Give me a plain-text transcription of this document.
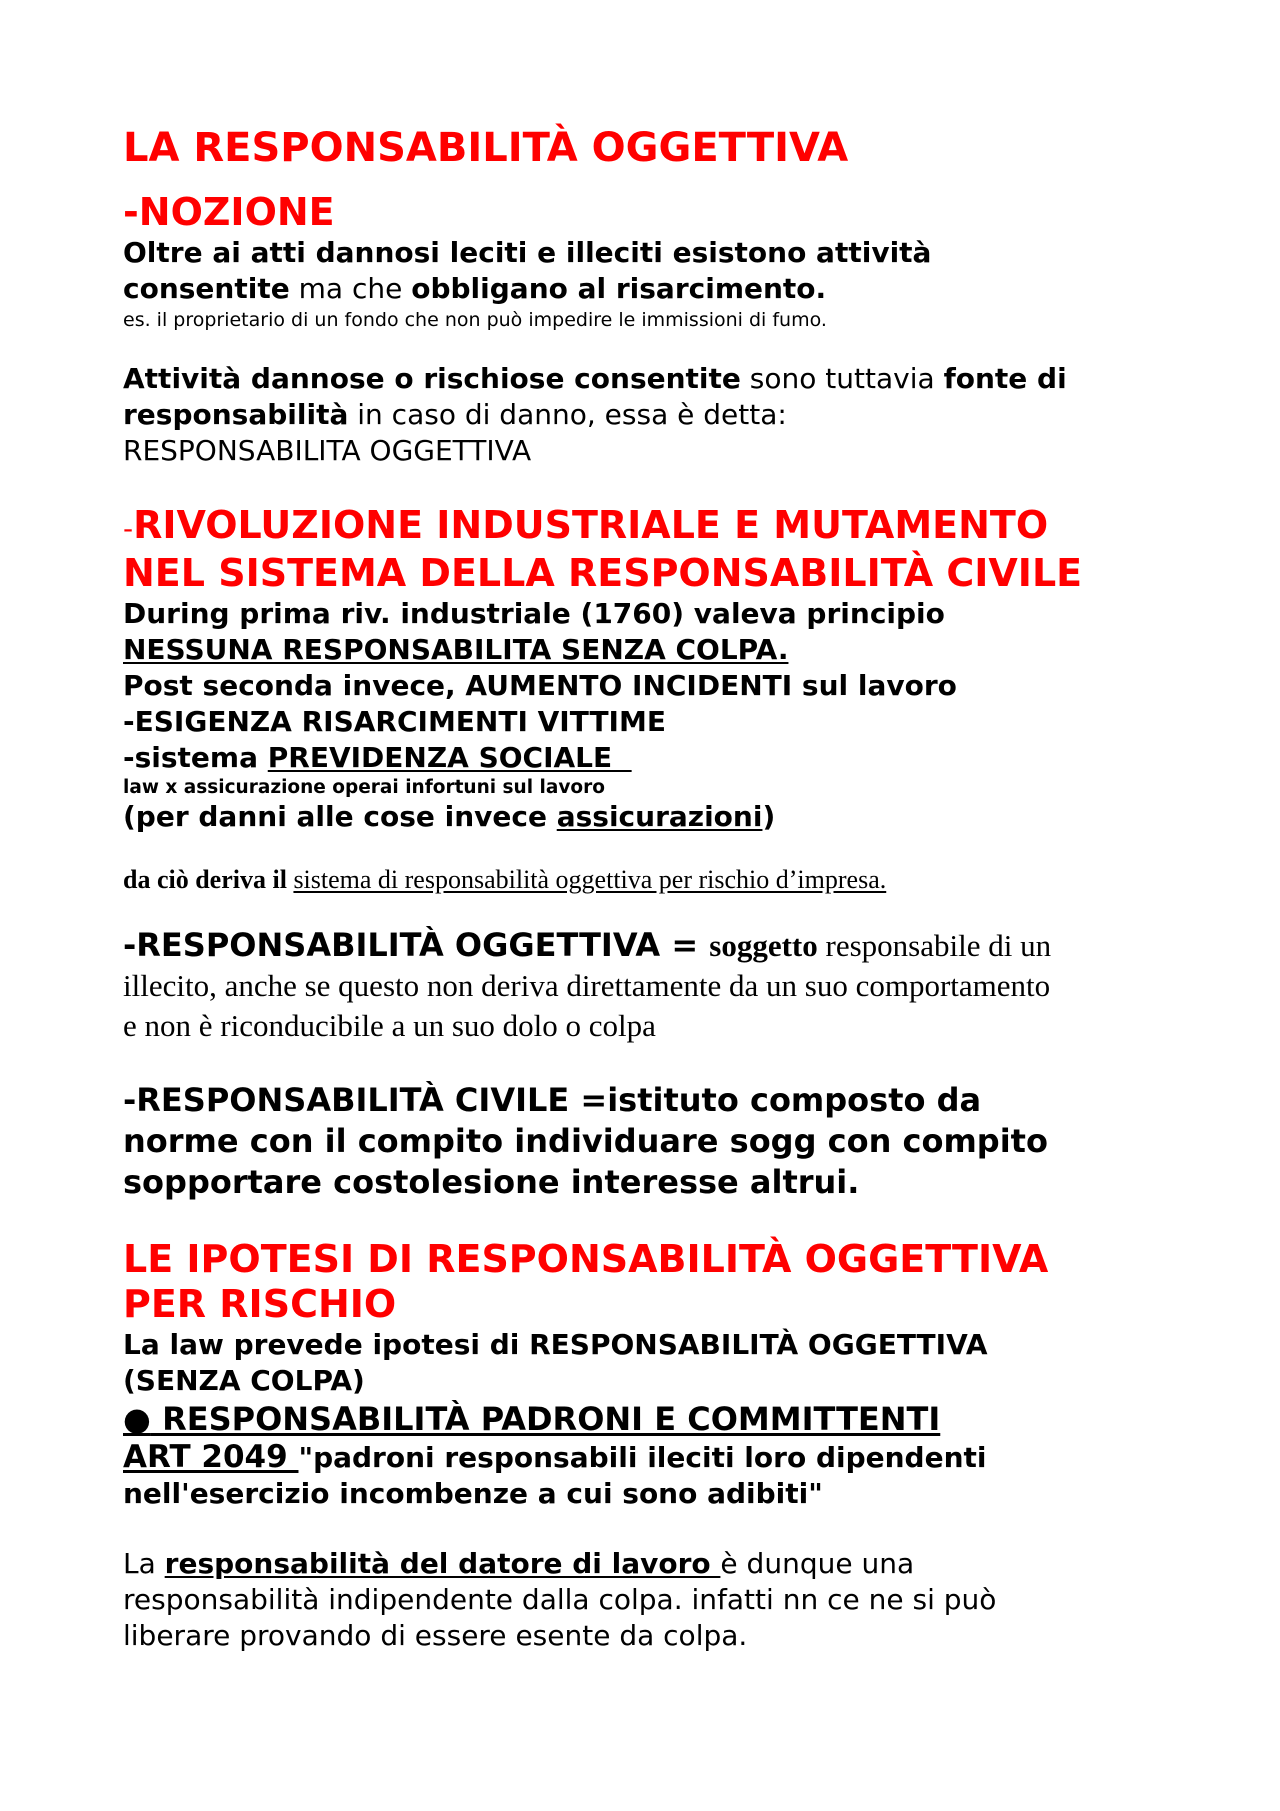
LA RESPONSABILITÀ OGGETTIVA

-NOZIONE

Oltre ai atti dannosi leciti e illeciti esistono attività

consentite ma che obbligano al risarcimento.

es. il proprietario di un fondo che non può impedire le immissioni di fumo.

Attività dannose o rischiose consentite sono tuttavia fonte di

responsabilità in caso di danno, essa è detta:

RESPONSABILITA OGGETTIVA

-RIVOLUZIONE INDUSTRIALE E MUTAMENTO

NEL SISTEMA DELLA RESPONSABILITÀ CIVILE

During prima riv. industriale (1760) valeva principio

NESSUNA RESPONSABILITA SENZA COLPA.

Post seconda invece, AUMENTO INCIDENTI sul lavoro

-ESIGENZA RISARCIMENTI VITTIME

-sistema PREVIDENZA SOCIALE

law x assicurazione operai infortuni sul lavoro

(per danni alle cose invece assicurazioni)

da ciò deriva il sistema di responsabilità oggettiva per rischio d’impresa.

-RESPONSABILITÀ OGGETTIVA = soggetto responsabile di un

illecito, anche se questo non deriva direttamente da un suo comportamento

e non è riconducibile a un suo dolo o colpa

-RESPONSABILITÀ CIVILE =istituto composto da

norme con il compito individuare sogg con compito

sopportare costolesione interesse altrui.

LE IPOTESI DI RESPONSABILITÀ OGGETTIVA

PER RISCHIO

La law prevede ipotesi di RESPONSABILITÀ OGGETTIVA

(SENZA COLPA)

● RESPONSABILITÀ PADRONI E COMMITTENTI

ART 2049 "padroni responsabili ileciti loro dipendenti

nell'esercizio incombenze a cui sono adibiti"

La responsabilità del datore di lavoro è dunque una

responsabilità indipendente dalla colpa. infatti nn ce ne si può

liberare provando di essere esente da colpa.
